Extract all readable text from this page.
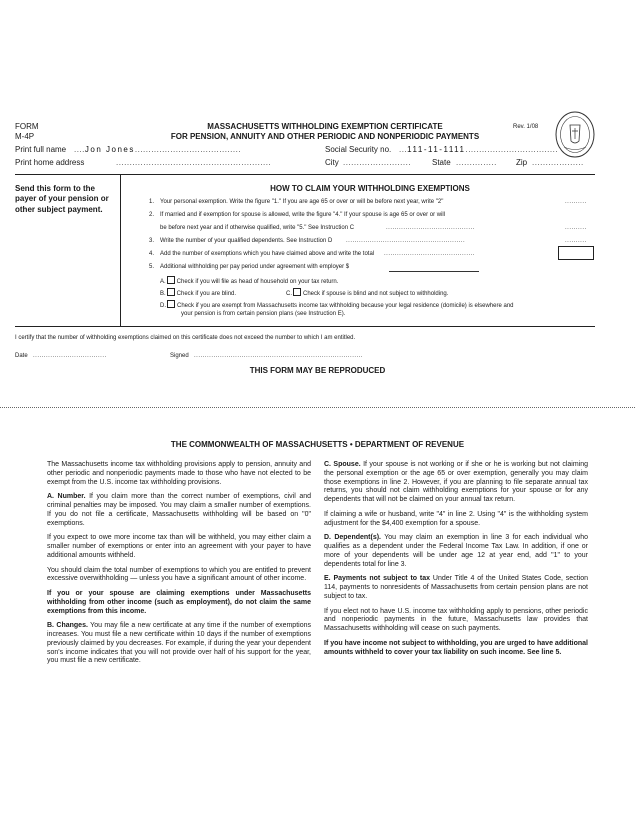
FORM
M-4P
MASSACHUSETTS WITHHOLDING EXEMPTION CERTIFICATE
FOR PENSION, ANNUITY AND OTHER PERIODIC AND NONPERIODIC PAYMENTS
Rev. 1/08
Print full name ....Jon Jones.......................................	Social Security no. ...111-11-1111..................................
Print home address	.........................................................	City .........................	State ...............	Zip ...................
Send this form to the payer of your pension or other subject payment.
HOW TO CLAIM YOUR WITHHOLDING EXEMPTIONS
1. Your personal exemption. Write the figure "1." If you are age 65 or over or will be before next year, write "2"	..........
2. If married and if exemption for spouse is allowed, write the figure "4." If your spouse is age 65 or over or will
be before next year and if otherwise qualified, write "5." See Instruction C	.........................................	..........
3. Write the number of your qualified dependents. See Instruction D .......................................................	..........
4. Add the number of exemptions which you have claimed above and write the total ..........................................
5. Additional withholding per pay period under agreement with employer $
A. Check if you will file as head of household on your tax return.
B. Check if you are blind.	C. Check if spouse is blind and not subject to withholding.
D. Check if you are exempt from Massachusetts income tax withholding because your legal residence (domicile) is elsewhere and
your pension is from certain pension plans (see Instruction E).
I certify that the number of withholding exemptions claimed on this certificate does not exceed the number to which I am entitled.
Date ..................................	Signed ..............................................................................
THIS FORM MAY BE REPRODUCED
THE COMMONWEALTH OF MASSACHUSETTS • DEPARTMENT OF REVENUE

The Massachusetts income tax withholding provisions apply to pension, annuity and other periodic and nonperiodic payments made to those who have not elected to be exempt from the U.S. income tax withholding provisions.

A. Number. If you claim more than the correct number of exemptions, civil and criminal penalties may be imposed. You may claim a smaller number of exemptions. If you do not file a certificate, Massachusetts withholding will be based on "0" exemptions.

If you expect to owe more income tax than will be withheld, you may either claim a smaller number of exemptions or enter into an agreement with your payer to have additional amounts withheld.

You should claim the total number of exemptions to which you are entitled to prevent excessive overwithholding — unless you have a significant amount of other income.

If you or your spouse are claiming exemptions under Massachusetts withholding from other income (such as employment), do not claim the same exemptions from this income.

B. Changes. You may file a new certificate at any time if the number of exemptions increases. You must file a new certificate within 10 days if the number of exemptions previously claimed by you decreases. For example, if during the year your dependent son's income indicates that you will not provide over half of his support for the year, you must file a new certificate.

C. Spouse. If your spouse is not working or if she or he is working but not claiming the personal exemption or the age 65 or over exemption, generally you may claim those exemptions in line 2. However, if you are planning to file separate annual tax returns, you should not claim withholding exemptions for your spouse or for any dependents that will not be claimed on your annual tax return.

If claiming a wife or husband, write "4" in line 2. Using "4" is the withholding system adjustment for the $4,400 exemption for a spouse.

D. Dependent(s). You may claim an exemption in line 3 for each individual who qualifies as a dependent under the Federal Income Tax Law. In addition, if one or more of your dependents will be under age 12 at year end, add "1" to your dependents total for line 3.

E. Payments not subject to tax Under Title 4 of the United States Code, section 114, payments to nonresidents of Massachusetts from certain pension plans are not subject to tax.

If you elect not to have U.S. income tax withholding apply to pensions, other periodic and nonperiodic payments in the future, Massachusetts law provides that Massachusetts withholding will cease on such payments.

If you have income not subject to withholding, you are urged to have additional amounts withheld to cover your tax liability on such income. See line 5.
